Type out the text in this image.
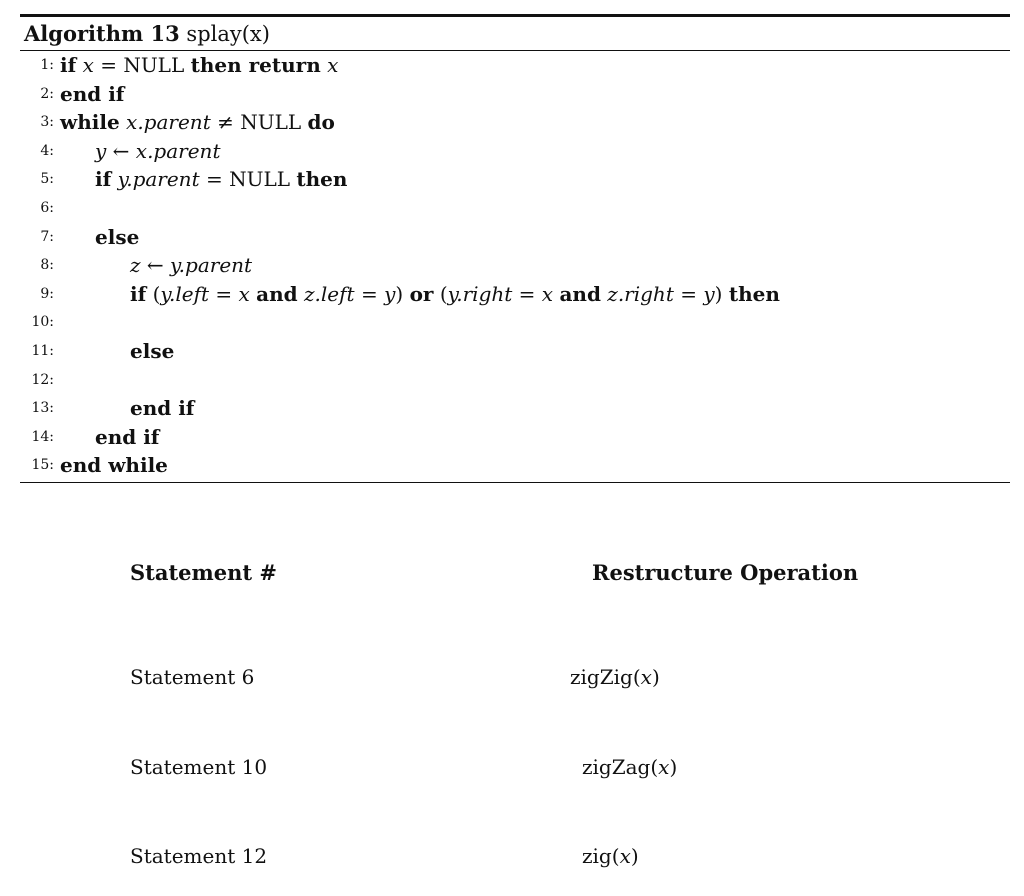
Algorithm 13 splay(x)
1: if x = NULL then return x
2: end if
3: while x.parent ≠ NULL do
4: y ← x.parent
5: if y.parent = NULL then
6:
7: else
8:	z ← y.parent
9:	if (y.left = x and z.left = y) or (y.right = x and z.right = y) then
10:
11:	else
12:
13:	end if
14: end if
15: end while
Statement #	Restructure Operation
Statement 6	zigZig(x)
Statement 10	zigZag(x)
Statement 12	zig(x)
